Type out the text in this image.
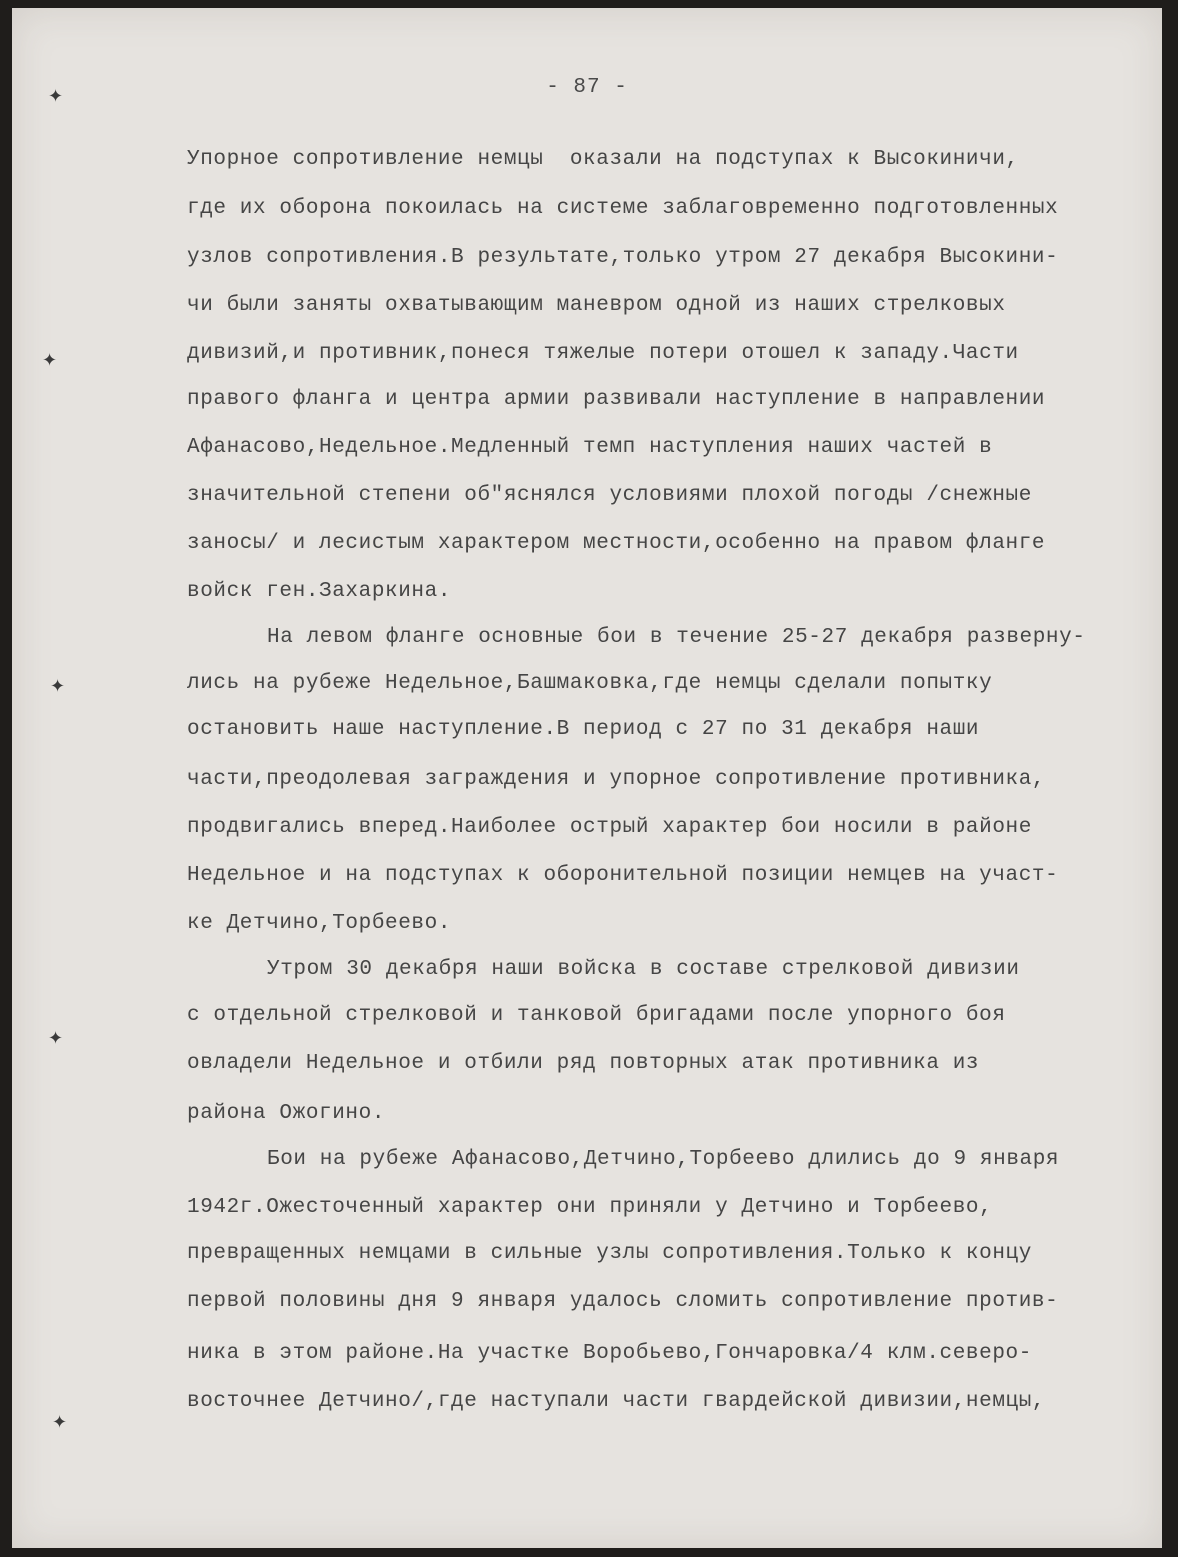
- 87 -
Упорное сопротивление немцы  оказали на подступах к Высокиничи,
где их оборона покоилась на системе заблаговременно подготовленных
узлов сопротивления.В результате,только утром 27 декабря Высокини-
чи были заняты охватывающим маневром одной из наших стрелковых
дивизий,и противник,понеся тяжелые потери отошел к западу.Части
правого фланга и центра армии развивали наступление в направлении
Афанасово,Недельное.Медленный темп наступления наших частей в
значительной степени об"яснялся условиями плохой погоды /снежные
заносы/ и лесистым характером местности,особенно на правом фланге
войск ген.Захаркина.
На левом фланге основные бои в течение 25-27 декабря разверну-
лись на рубеже Недельное,Башмаковка,где немцы сделали попытку
остановить наше наступление.В период с 27 по 31 декабря наши
части,преодолевая заграждения и упорное сопротивление противника,
продвигались вперед.Наиболее острый характер бои носили в районе
Недельное и на подступах к оборонительной позиции немцев на участ-
ке Детчино,Торбеево.
Утром 30 декабря наши войска в составе стрелковой дивизии
с отдельной стрелковой и танковой бригадами после упорного боя
овладели Недельное и отбили ряд повторных атак противника из
района Ожогино.
Бои на рубеже Афанасово,Детчино,Торбеево длились до 9 января
1942г.Ожесточенный характер они приняли у Детчино и Торбеево,
превращенных немцами в сильные узлы сопротивления.Только к концу
первой половины дня 9 января удалось сломить сопротивление против-
ника в этом районе.На участке Воробьево,Гончаровка/4 клм.северо-
восточнее Детчино/,где наступали части гвардейской дивизии,немцы,
✦
✦
✦
✦
✦
